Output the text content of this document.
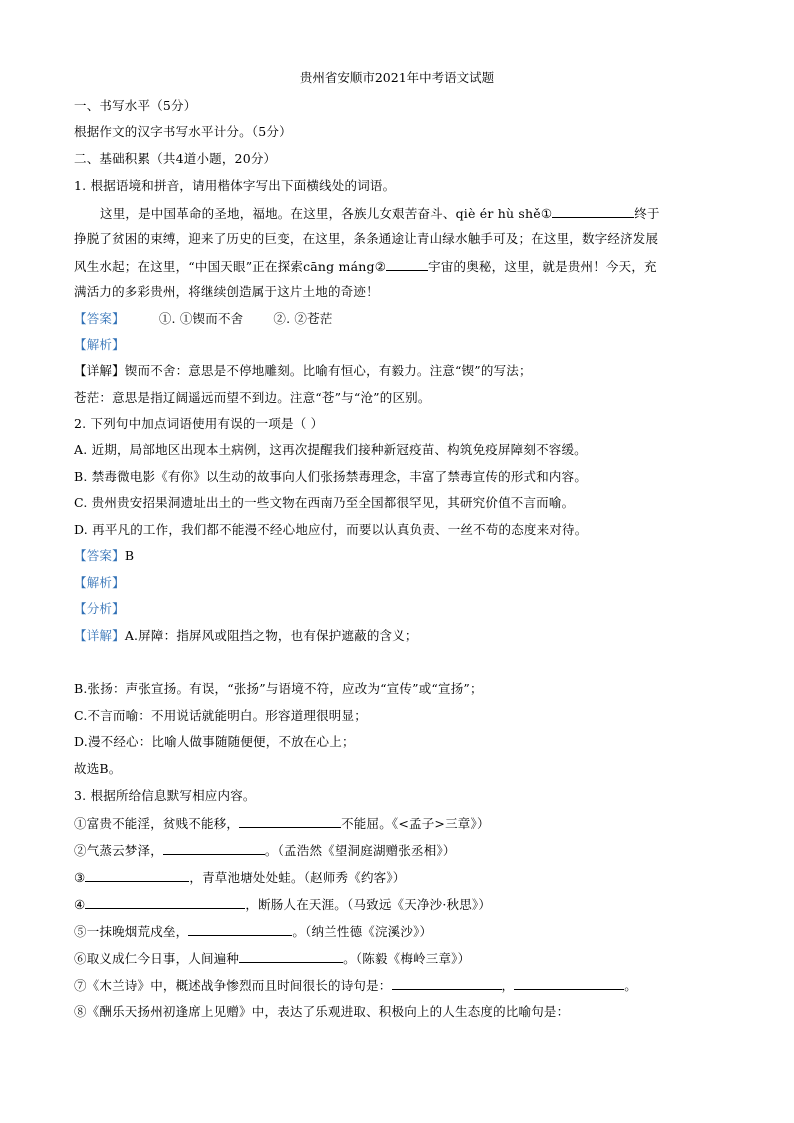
贵州省安顺市2021年中考语文试题
一、书写水平（5分）
根据作文的汉字书写水平计分。（5分）
二、基础积累（共4道小题，20分）
1. 根据语境和拼音，请用楷体字写出下面横线处的词语。
这里，是中国革命的圣地，福地。在这里，各族儿女艰苦奋斗、qiè ér hù shě①	终于
挣脱了贫困的束缚，迎来了历史的巨变，在这里，条条通途让青山绿水触手可及；在这里，数字经济发展
风生水起；在这里，“中国天眼”正在探索cāng máng②	宇宙的奥秘，这里，就是贵州！今天，充
满活力的多彩贵州，将继续创造属于这片土地的奇迹！
【答案】	①. ①锲而不舍 ②. ②苍茫
【解析】
【详解】锲而不舍：意思是不停地雕刻。比喻有恒心，有毅力。注意“锲”的写法；
苍茫：意思是指辽阔遥远而望不到边。注意“苍”与“沧”的区别。
2. 下列句中加点词语使用有误的一项是（ ）
A. 近期，局部地区出现本土病例，这再次提醒我们接种新冠疫苗、构筑免疫屏障刻不容缓。
B. 禁毒微电影《有你》以生动的故事向人们张扬禁毒理念，丰富了禁毒宣传的形式和内容。
C. 贵州贵安招果洞遗址出土的一些文物在西南乃至全国都很罕见，其研究价值不言而喻。
D. 再平凡的工作，我们都不能漫不经心地应付，而要以认真负责、一丝不苟的态度来对待。
【答案】B
【解析】
【分析】
【详解】A.屏障：指屏风或阻挡之物，也有保护遮蔽的含义；
B.张扬：声张宣扬。有误，“张扬”与语境不符，应改为“宣传”或“宣扬”；
C.不言而喻：不用说话就能明白。形容道理很明显；
D.漫不经心：比喻人做事随随便便，不放在心上；
故选B。
3. 根据所给信息默写相应内容。
①富贵不能淫，贫贱不能移，	不能屈。《<孟子>三章》）
②气蒸云梦泽，	。（孟浩然《望洞庭湖赠张丞相》）
③	，青草池塘处处蛙。（赵师秀《约客》）
④	，断肠人在天涯。（马致远《天净沙·秋思》）
⑤一抹晚烟荒戍垒，	。（纳兰性德《浣溪沙》）
⑥取义成仁今日事，人间遍种	。（陈毅《梅岭三章》）
⑦《木兰诗》中，概述战争惨烈而且时间很长的诗句是：	，	。
⑧《酬乐天扬州初逢席上见赠》中，表达了乐观进取、积极向上的人生态度的比喻句是：
